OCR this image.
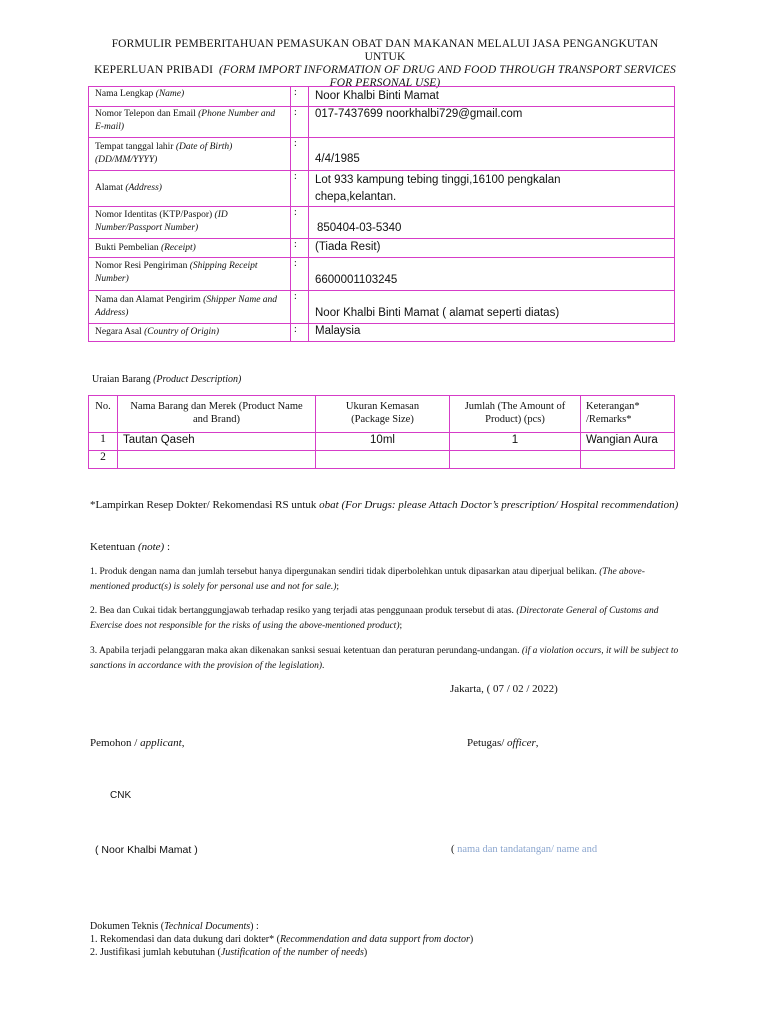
FORMULIR PEMBERITAHUAN PEMASUKAN OBAT DAN MAKANAN MELALUI JASA PENGANGKUTAN UNTUK
KEPERLUAN PRIBADI (FORM IMPORT INFORMATION OF DRUG AND FOOD THROUGH TRANSPORT SERVICES
FOR PERSONAL USE)
Nama Lengkap (Name)	:	Noor Khalbi Binti Mamat

Nomor Telepon dan Email (Phone Number and E-mail)	:	017-7437699 noorkhalbi729@gmail.com

Tempat tanggal lahir (Date of Birth) (DD/MM/YYYY)	:	4/4/1985

Alamat (Address)	:	Lot 933 kampung tebing tinggi,16100 pengkalan chepa,kelantan.

Nomor Identitas (KTP/Paspor) (ID Number/Passport Number)	:	850404-03-5340

Bukti Pembelian (Receipt)	:	(Tiada Resit)

Nomor Resi Pengiriman (Shipping Receipt Number)	:	6600001103245

Nama dan Alamat Pengirim (Shipper Name and Address)	:	Noor Khalbi Binti Mamat ( alamat seperti diatas)

Negara Asal (Country of Origin)	:	Malaysia
Uraian Barang (Product Description)
No.	Nama Barang dan Merek (Product Name and Brand)	Ukuran Kemasan (Package Size)	Jumlah (The Amount of Product) (pcs)	Keterangan* /Remarks*
1	Tautan Qaseh	10ml	1	Wangian Aura
2				
*Lampirkan Resep Dokter/ Rekomendasi RS untuk obat (For Drugs: please Attach Doctor’s prescription/ Hospital recommendation)
Ketentuan (note) :
1. Produk dengan nama dan jumlah tersebut hanya dipergunakan sendiri tidak diperbolehkan untuk dipasarkan atau diperjual belikan. (The above-mentioned product(s) is solely for personal use and not for sale.);
2. Bea dan Cukai tidak bertanggungjawab terhadap resiko yang terjadi atas penggunaan produk tersebut di atas. (Directorate General of Customs and Exercise does not responsible for the risks of using the above-mentioned product);
3. Apabila terjadi pelanggaran maka akan dikenakan sanksi sesuai ketentuan dan peraturan perundang-undangan. (if a violation occurs, it will be subject to sanctions in accordance with the provision of the legislation).
Jakarta, ( 07 / 02 / 2022)
Pemohon / applicant,	Petugas/ officer,
CNK
( Noor Khalbi Mamat )	( nama dan tandatangan/ name and
Dokumen Teknis (Technical Documents) :
1. Rekomendasi dan data dukung dari dokter* (Recommendation and data support from doctor)
2. Justifikasi jumlah kebutuhan (Justification of the number of needs)
